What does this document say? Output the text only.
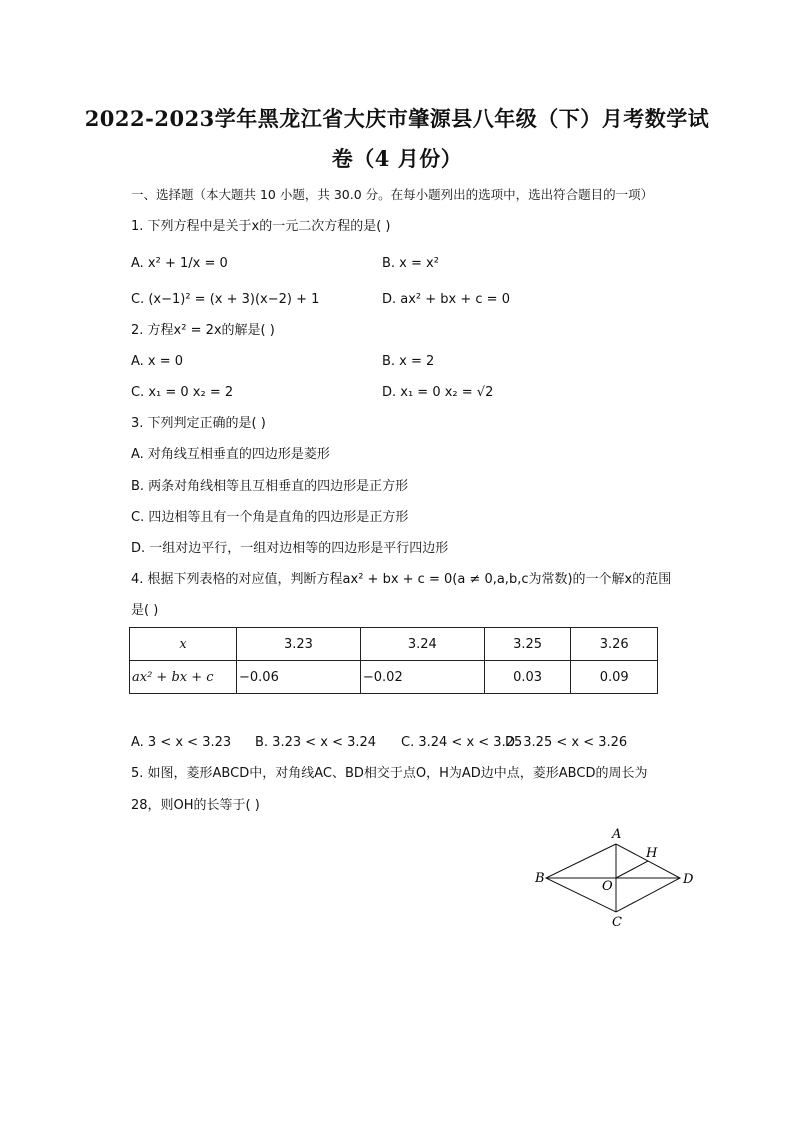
2022-2023学年黑龙江省大庆市肇源县八年级（下）月考数学试
卷（4 月份）
一、选择题（本大题共 10 小题，共 30.0 分。在每小题列出的选项中，选出符合题目的一项）
1. 下列方程中是关于x的一元二次方程的是( )
A. x² + 1/x = 0	B. x = x²
C. (x−1)² = (x + 3)(x−2) + 1	D. ax² + bx + c = 0
2. 方程x² = 2x的解是( )
A. x = 0	B. x = 2
C. x₁ = 0 x₂ = 2	D. x₁ = 0 x₂ = √2
3. 下列判定正确的是( )
A. 对角线互相垂直的四边形是菱形
B. 两条对角线相等且互相垂直的四边形是正方形
C. 四边相等且有一个角是直角的四边形是正方形
D. 一组对边平行，一组对边相等的四边形是平行四边形
4. 根据下列表格的对应值，判断方程ax² + bx + c = 0(a ≠ 0,a,b,c为常数)的一个解x的范围
是( )
x	3.23	3.24	3.25	3.26
ax² + bx + c	−0.06	−0.02	0.03	0.09
A. 3 < x < 3.23 B. 3.23 < x < 3.24 C. 3.24 < x < 3.25D. 3.25 < x < 3.26
5. 如图，菱形ABCD中，对角线AC、BD相交于点O，H为AD边中点，菱形ABCD的周长为
28，则OH的长等于( )
A
B
C
D
O
H
